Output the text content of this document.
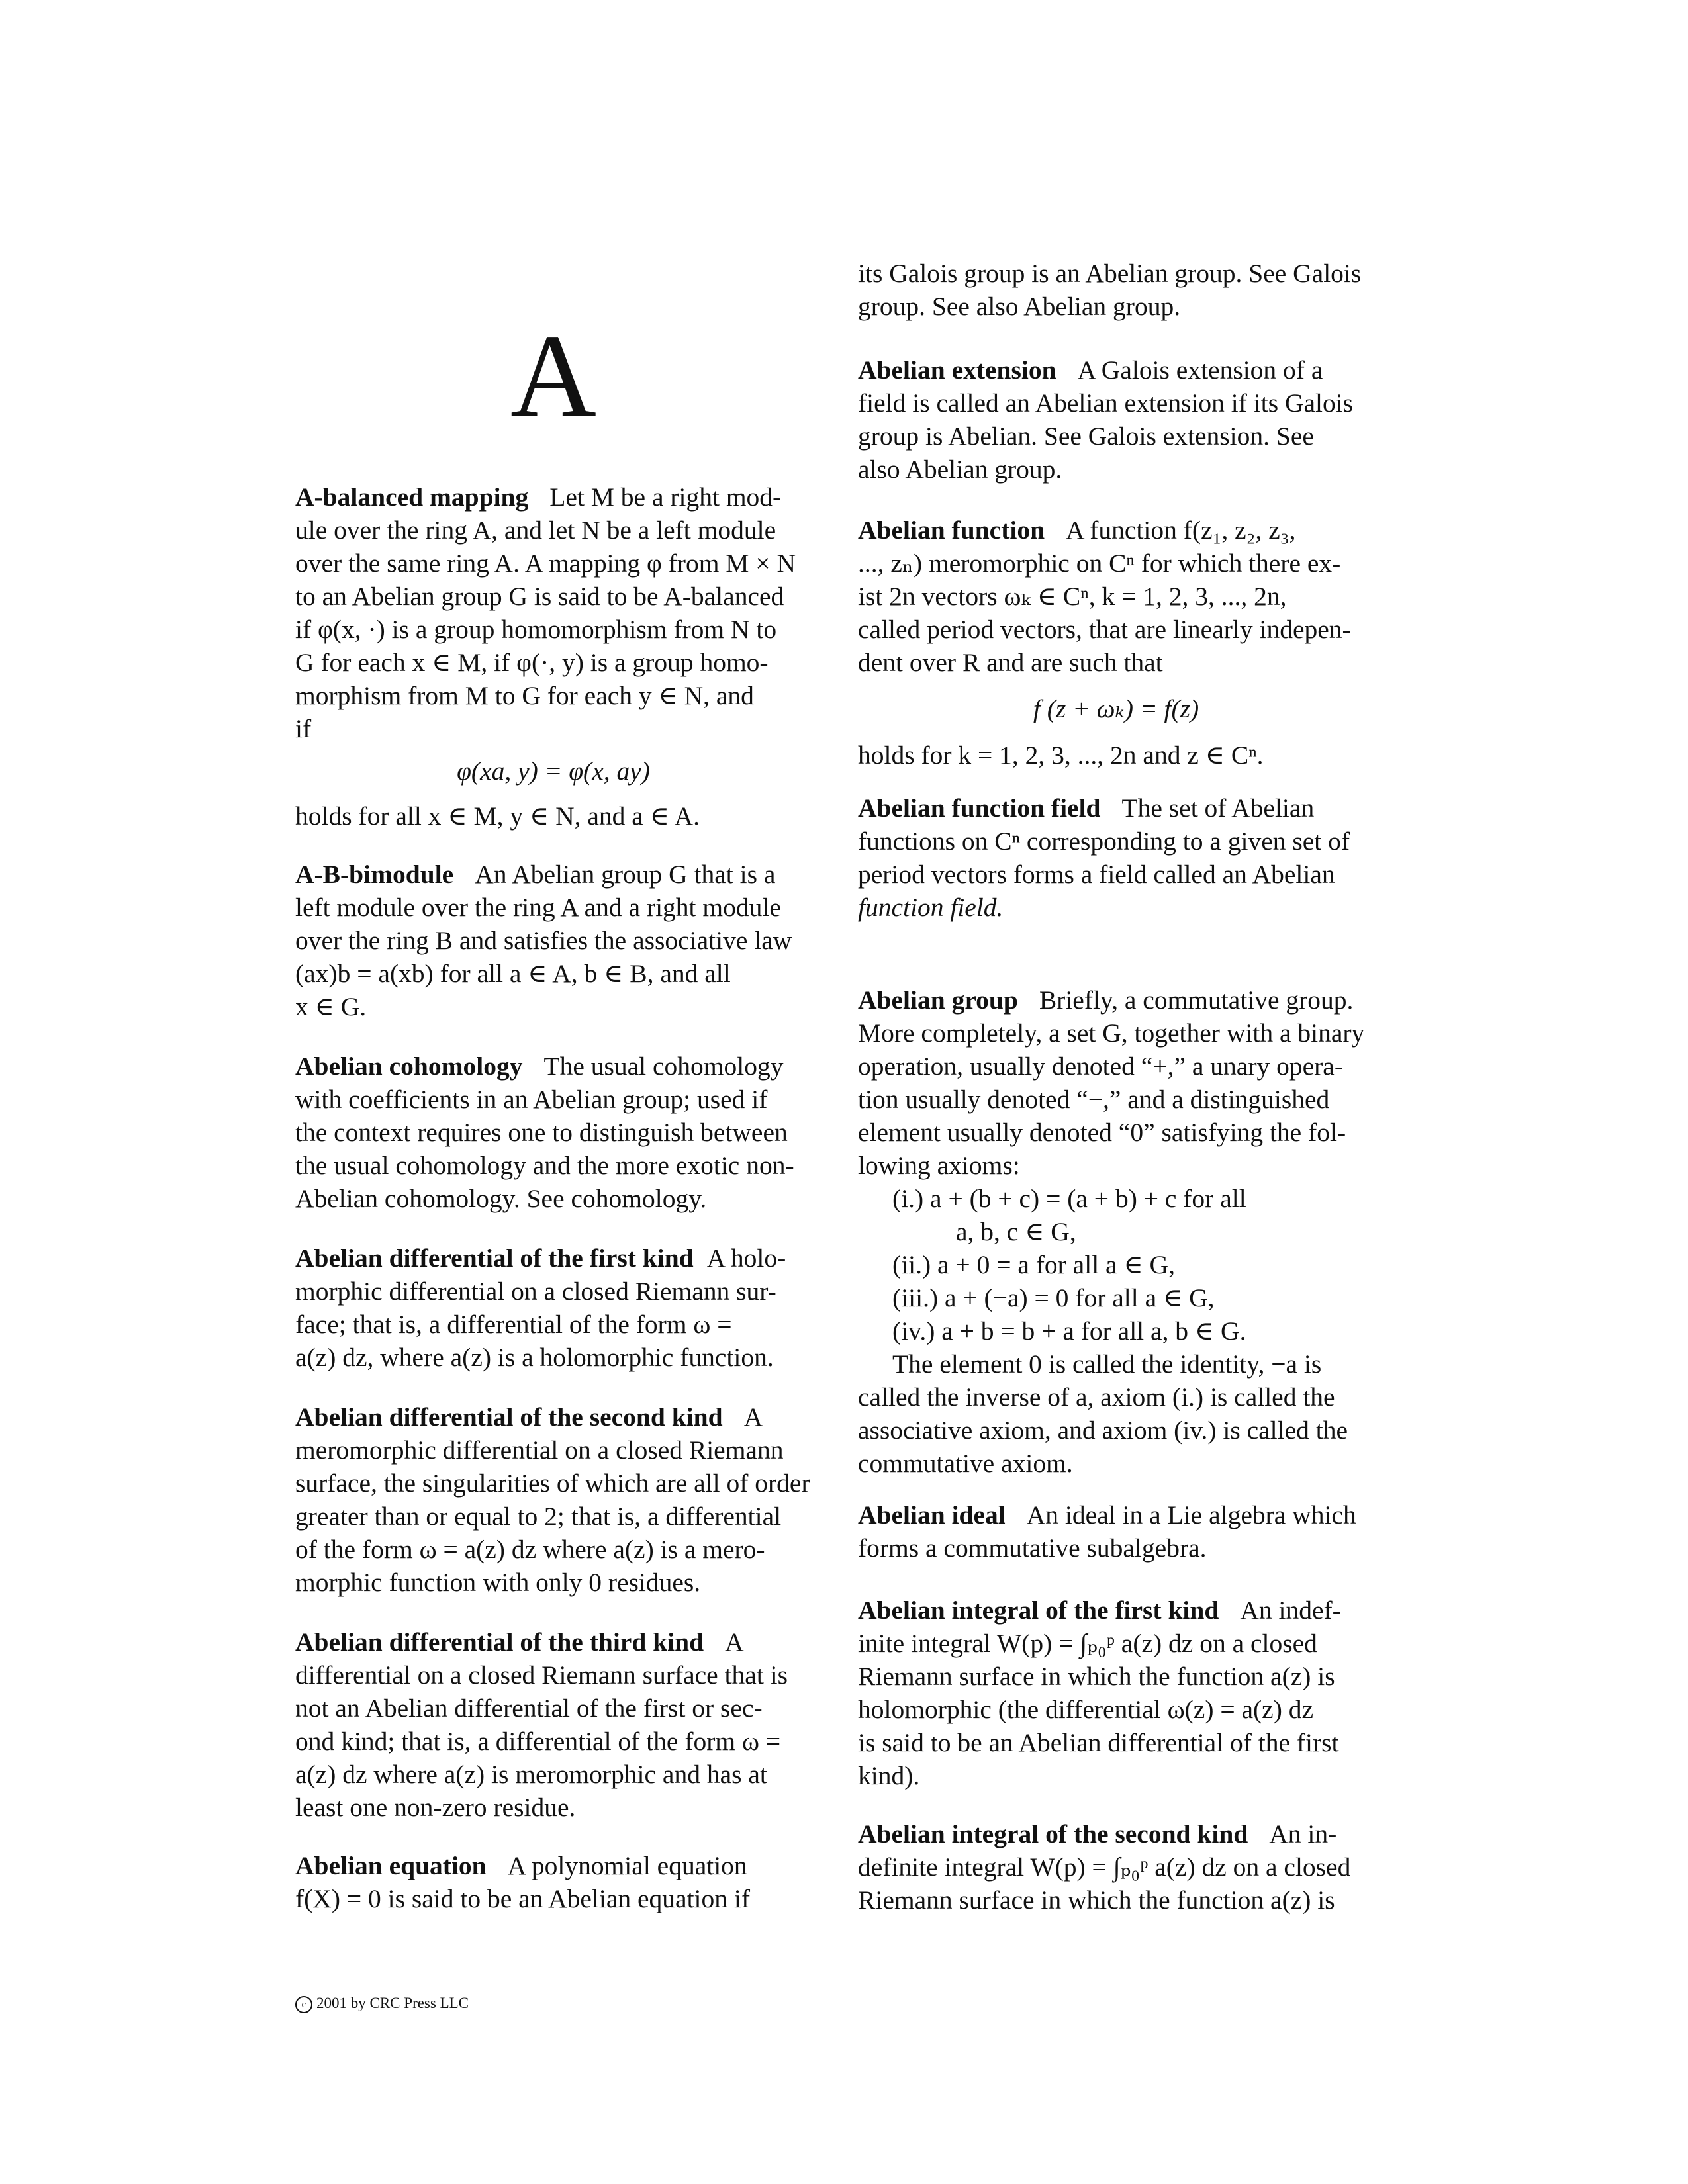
A

A-balanced mapping Let M be a right mod-

ule over the ring A, and let N be a left module

over the same ring A. A mapping φ from M × N

to an Abelian group G is said to be A-balanced

if φ(x, ·) is a group homomorphism from N to

G for each x ∈ M, if φ(·, y) is a group homo-

morphism from M to G for each y ∈ N, and

if

φ(xa, y) = φ(x, ay)

holds for all x ∈ M, y ∈ N, and a ∈ A.

A-B-bimodule An Abelian group G that is a

left module over the ring A and a right module

over the ring B and satisfies the associative law

(ax)b = a(xb) for all a ∈ A, b ∈ B, and all

x ∈ G.

Abelian cohomology The usual cohomology

with coefficients in an Abelian group; used if

the context requires one to distinguish between

the usual cohomology and the more exotic non-

Abelian cohomology. See cohomology.

Abelian differential of the first kind A holo-

morphic differential on a closed Riemann sur-

face; that is, a differential of the form ω =

a(z) dz, where a(z) is a holomorphic function.

Abelian differential of the second kind A

meromorphic differential on a closed Riemann

surface, the singularities of which are all of order

greater than or equal to 2; that is, a differential

of the form ω = a(z) dz where a(z) is a mero-

morphic function with only 0 residues.

Abelian differential of the third kind A

differential on a closed Riemann surface that is

not an Abelian differential of the first or sec-

ond kind; that is, a differential of the form ω =

a(z) dz where a(z) is meromorphic and has at

least one non-zero residue.

Abelian equation A polynomial equation

f(X) = 0 is said to be an Abelian equation if

its Galois group is an Abelian group. See Galois

group. See also Abelian group.

Abelian extension A Galois extension of a

field is called an Abelian extension if its Galois

group is Abelian. See Galois extension. See

also Abelian group.

Abelian function A function f(z₁, z₂, z₃,

..., zₙ) meromorphic on Cⁿ for which there ex-

ist 2n vectors ωₖ ∈ Cⁿ, k = 1, 2, 3, ..., 2n,

called period vectors, that are linearly indepen-

dent over R and are such that

f (z + ωₖ) = f(z)

holds for k = 1, 2, 3, ..., 2n and z ∈ Cⁿ.

Abelian function field The set of Abelian

functions on Cⁿ corresponding to a given set of

period vectors forms a field called an Abelian

function field.

Abelian group Briefly, a commutative group.

More completely, a set G, together with a binary

operation, usually denoted “+,” a unary opera-

tion usually denoted “−,” and a distinguished

element usually denoted “0” satisfying the fol-

lowing axioms:

(i.) a + (b + c) = (a + b) + c for all

a, b, c ∈ G,

(ii.) a + 0 = a for all a ∈ G,

(iii.) a + (−a) = 0 for all a ∈ G,

(iv.) a + b = b + a for all a, b ∈ G.

The element 0 is called the identity, −a is

called the inverse of a, axiom (i.) is called the

associative axiom, and axiom (iv.) is called the

commutative axiom.

Abelian ideal An ideal in a Lie algebra which

forms a commutative subalgebra.

Abelian integral of the first kind An indef-

inite integral W(p) = ∫ₚ₀ᵖ a(z) dz on a closed

Riemann surface in which the function a(z) is

holomorphic (the differential ω(z) = a(z) dz

is said to be an Abelian differential of the first

kind).

Abelian integral of the second kind An in-

definite integral W(p) = ∫ₚ₀ᵖ a(z) dz on a closed

Riemann surface in which the function a(z) is

c 2001 by CRC Press LLC
